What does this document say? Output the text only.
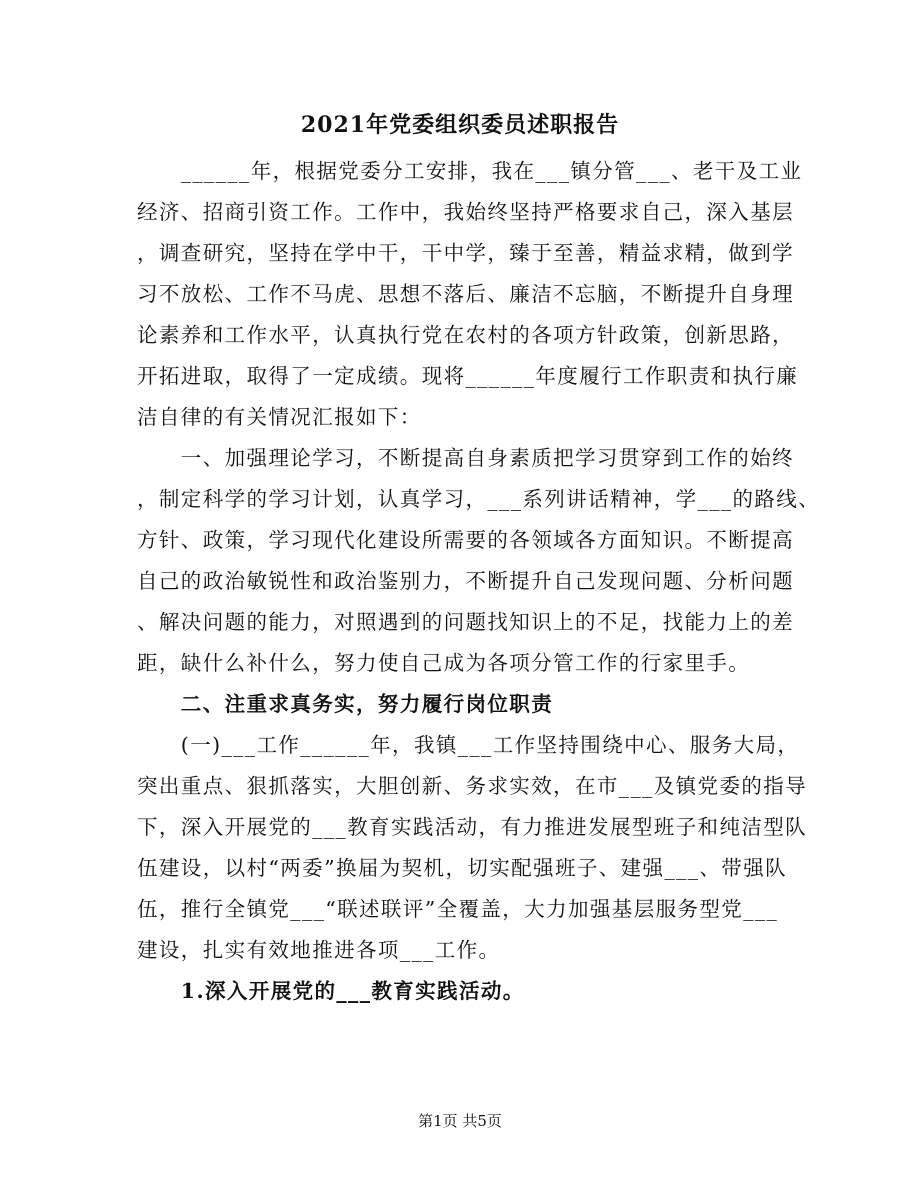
2021年党委组织委员述职报告
　　______年，根据党委分工安排，我在___镇分管___、老干及工业
经济、招商引资工作。工作中，我始终坚持严格要求自己，深入基层
，调查研究，坚持在学中干，干中学，臻于至善，精益求精，做到学
习不放松、工作不马虎、思想不落后、廉洁不忘脑，不断提升自身理
论素养和工作水平，认真执行党在农村的各项方针政策，创新思路，
开拓进取，取得了一定成绩。现将______年度履行工作职责和执行廉
洁自律的有关情况汇报如下：
　　一、加强理论学习，不断提高自身素质把学习贯穿到工作的始终
，制定科学的学习计划，认真学习，___系列讲话精神，学___的路线、
方针、政策，学习现代化建设所需要的各领域各方面知识。不断提高
自己的政治敏锐性和政治鉴别力，不断提升自己发现问题、分析问题
、解决问题的能力，对照遇到的问题找知识上的不足，找能力上的差
距，缺什么补什么，努力使自己成为各项分管工作的行家里手。
　　二、注重求真务实，努力履行岗位职责
　　(一)___工作______年，我镇___工作坚持围绕中心、服务大局，
突出重点、狠抓落实，大胆创新、务求实效，在市___及镇党委的指导
下，深入开展党的___教育实践活动，有力推进发展型班子和纯洁型队
伍建设，以村“两委”换届为契机，切实配强班子、建强___、带强队
伍，推行全镇党___“联述联评”全覆盖，大力加强基层服务型党___
建设，扎实有效地推进各项___工作。
　　1.深入开展党的___教育实践活动。
第1页 共5页
